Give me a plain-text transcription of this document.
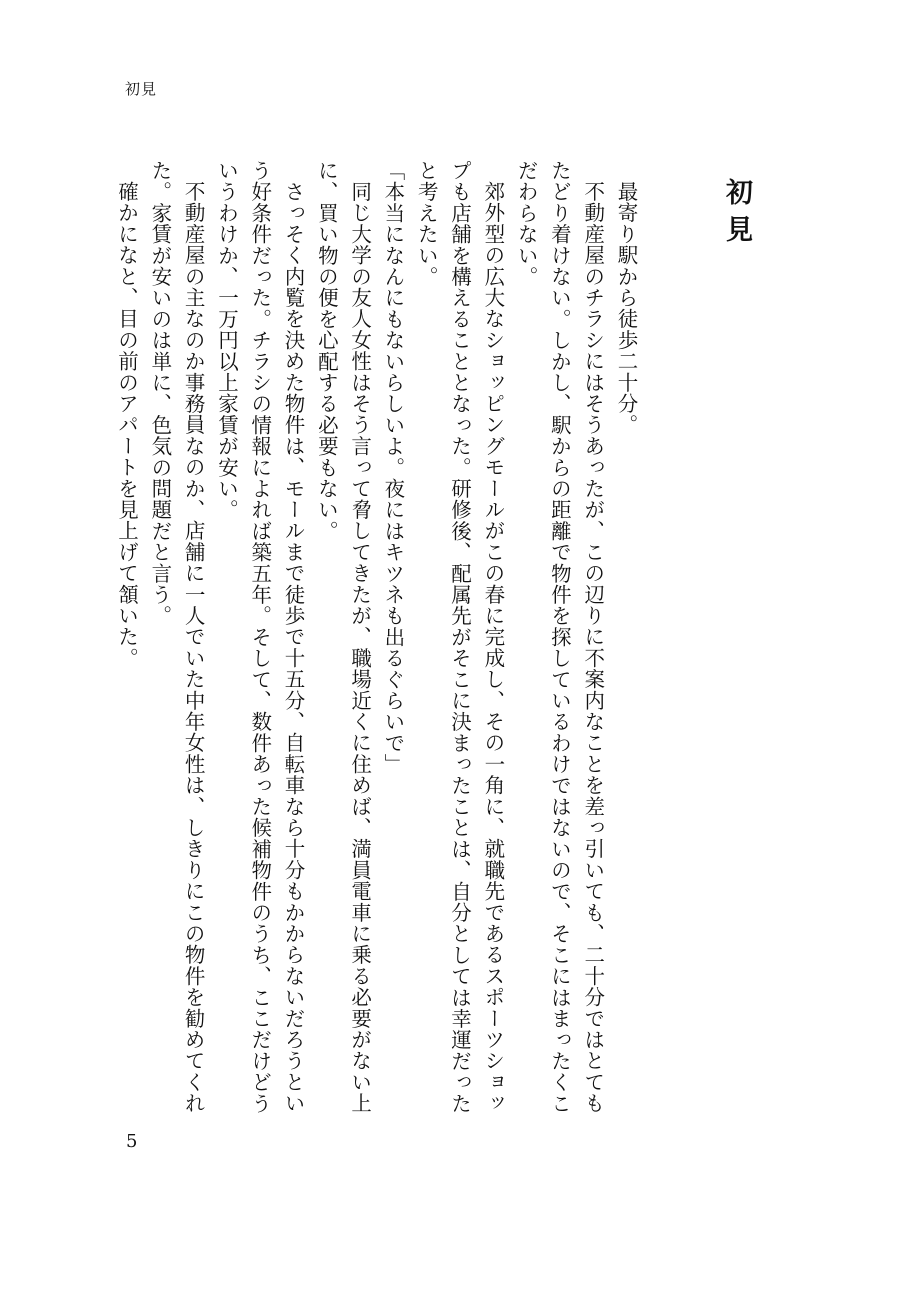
初見
初見

最寄り駅から徒歩二十分。

不動産屋のチラシにはそうあったが、この辺りに不案内なことを差っ引いても、二十分ではとてもたどり着けない。しかし、駅からの距離で物件を探しているわけではないので、そこにはまったくこだわらない。

郊外型の広大なショッピングモールがこの春に完成し、その一角に、就職先であるスポーツショップも店舗を構えることとなった。研修後、配属先がそこに決まったことは、自分としては幸運だったと考えたい。

「本当になんにもないらしいよ。夜にはキツネも出るぐらいで」

同じ大学の友人女性はそう言って脅してきたが、職場近くに住めば、満員電車に乗る必要がない上に、買い物の便を心配する必要もない。

さっそく内覧を決めた物件は、モールまで徒歩で十五分、自転車なら十分もかからないだろうという好条件だった。チラシの情報によれば築五年。そして、数件あった候補物件のうち、ここだけどういうわけか、一万円以上家賃が安い。

不動産屋の主なのか事務員なのか、店舗に一人でいた中年女性は、しきりにこの物件を勧めてくれた。家賃が安いのは単に、色気の問題だと言う。

確かになと、目の前のアパートを見上げて頷いた。

5
